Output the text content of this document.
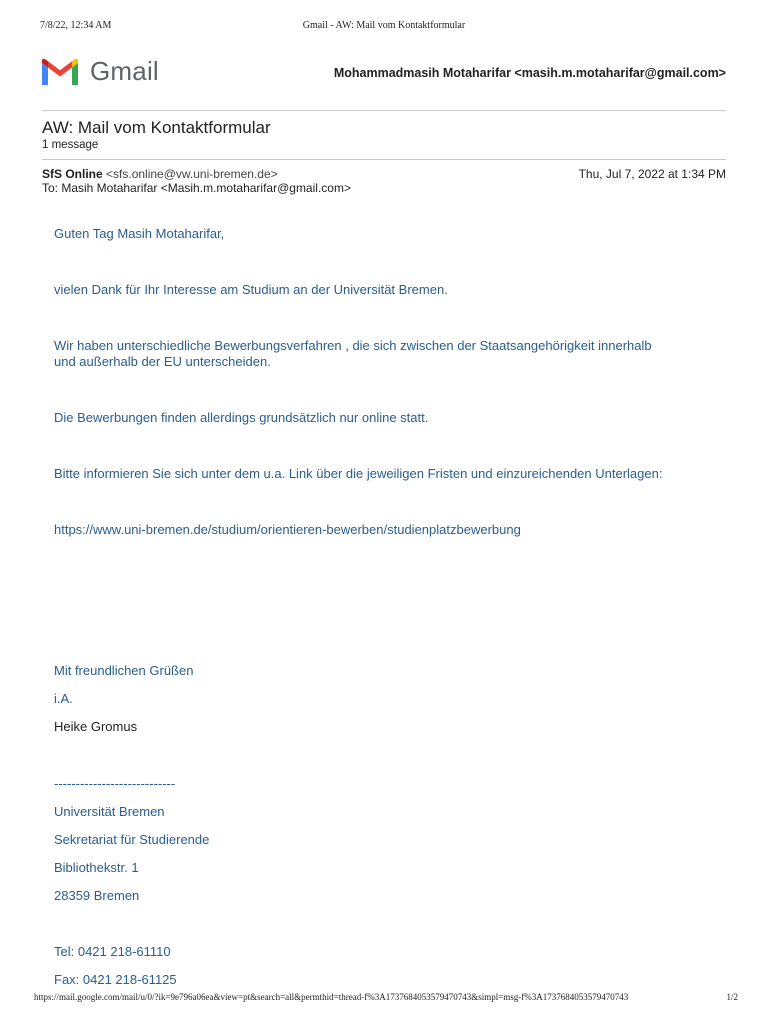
7/8/22, 12:34 AM	Gmail - AW: Mail vom Kontaktformular
Gmail	Mohammadmasih Motaharifar <masih.m.motaharifar@gmail.com>
AW: Mail vom Kontaktformular
1 message
SfS Online <sfs.online@vw.uni-bremen.de>	Thu, Jul 7, 2022 at 1:34 PM
To: Masih Motaharifar <Masih.m.motaharifar@gmail.com>
Guten Tag Masih Motaharifar,
vielen Dank für Ihr Interesse am Studium an der Universität Bremen.
Wir haben unterschiedliche Bewerbungsverfahren , die sich zwischen der Staatsangehörigkeit innerhalb
und außerhalb der EU unterscheiden.
Die Bewerbungen finden allerdings grundsätzlich nur online statt.
Bitte informieren Sie sich unter dem u.a. Link über die jeweiligen Fristen und einzureichenden Unterlagen:
https://www.uni-bremen.de/studium/orientieren-bewerben/studienplatzbewerbung
Mit freundlichen Grüßen
i.A.
Heike Gromus
----------------------------
Universität Bremen
Sekretariat für Studierende
Bibliothekstr. 1
28359 Bremen
Tel: 0421 218-61110
Fax: 0421 218-61125
https://mail.google.com/mail/u/0/?ik=9e796a06ea&view=pt&search=all&permthid=thread-f%3A1737684053579470743&simpl=msg-f%3A1737684053579470743	1/2
